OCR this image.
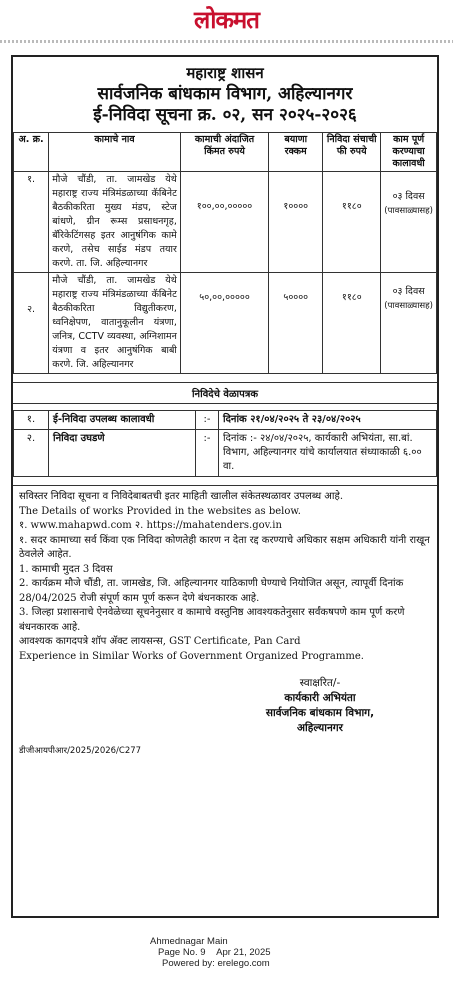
लोकमत
महाराष्ट्र शासन
सार्वजनिक बांधकाम विभाग, अहिल्यानगर
ई-निविदा सूचना क्र. ०२, सन २०२५-२०२६
अ. क्र.	कामाचे नाव	कामाची अंदाजित किंमत रुपये	बयाणा रक्कम	निविदा संचाची फी रुपये	काम पूर्ण करण्याचा कालावधी
१.	मौजे चौंडी, ता. जामखेड येथे महाराष्ट्र राज्य मंत्रिमंडळाच्या कॅबिनेट बैठकीकरिता मुख्य मंडप, स्टेज बांधणे, ग्रीन रूम्स प्रसाधनगृह, बॅरिकेटिंगसह इतर आनुषंगिक कामे करणे, तसेच साईड मंडप तयार करणे. ता. जि. अहिल्यानगर	१००,००,०००००	१००००	११८०	०३ दिवस
(पावसाळ्यासह)

२.	मौजे चौंडी, ता. जामखेड येथे महाराष्ट्र राज्य मंत्रिमंडळाच्या कॅबिनेट बैठकीकरिता विद्युतीकरण, ध्वनिक्षेपण, वातानुकूलीन यंत्रणा, जनित्र, CCTV व्यवस्था, अग्निशामन यंत्रणा व इतर आनुषंगिक बाबी करणे. जि. अहिल्यानगर	५०,००,०००००	५००००	११८०	०३ दिवस
(पावसाळ्यासह)
निविदेचे वेळापत्रक
१.	ई-निविदा उपलब्ध कालावधी	:-	दिनांक २१/०४/२०२५ ते २३/०४/२०२५
२.	निविदा उघडणे	:-	दिनांक :- २४/०४/२०२५, कार्यकारी अभियंता, सा.बां. विभाग, अहिल्यानगर यांचे कार्यालयात संध्याकाळी ६.०० वा.

सविस्तर निविदा सूचना व निविदेबाबतची इतर माहिती खालील संकेतस्थळावर उपलब्ध आहे.

The Details of works Provided in the websites as below.

१. www.mahapwd.com २. https://mahatenders.gov.in

१. सदर कामाच्या सर्व किंवा एक निविदा कोणतेही कारण न देता रद्द करण्याचे अधिकार सक्षम अधिकारी यांनी राखून ठेवलेले आहेत.

1. कामाची मुदत 3 दिवस

2. कार्यक्रम मौजे चौंडी, ता. जामखेड, जि. अहिल्यानगर याठिकाणी घेण्याचे नियोजित असून, त्यापूर्वी दिनांक 28/04/2025 रोजी संपूर्ण काम पूर्ण करून देणे बंधनकारक आहे.

3. जिल्हा प्रशासनाचे ऐनवेळेच्या सूचनेनुसार व कामाचे वस्तुनिष्ठ आवश्यकतेनुसार सर्वंकषपणे काम पूर्ण करणे बंधनकारक आहे.

आवश्यक कागदपत्रे शॉप ॲक्ट लायसन्स, GST Certificate, Pan Card

Experience in Similar Works of Government Organized Programme.

स्वाक्षरित/-
कार्यकारी अभियंता
सार्वजनिक बांधकाम विभाग,
अहिल्यानगर
डीजीआयपीआर/2025/2026/C277
Ahmednagar Main
Page No. 9 Apr 21, 2025
Powered by: erelego.com
